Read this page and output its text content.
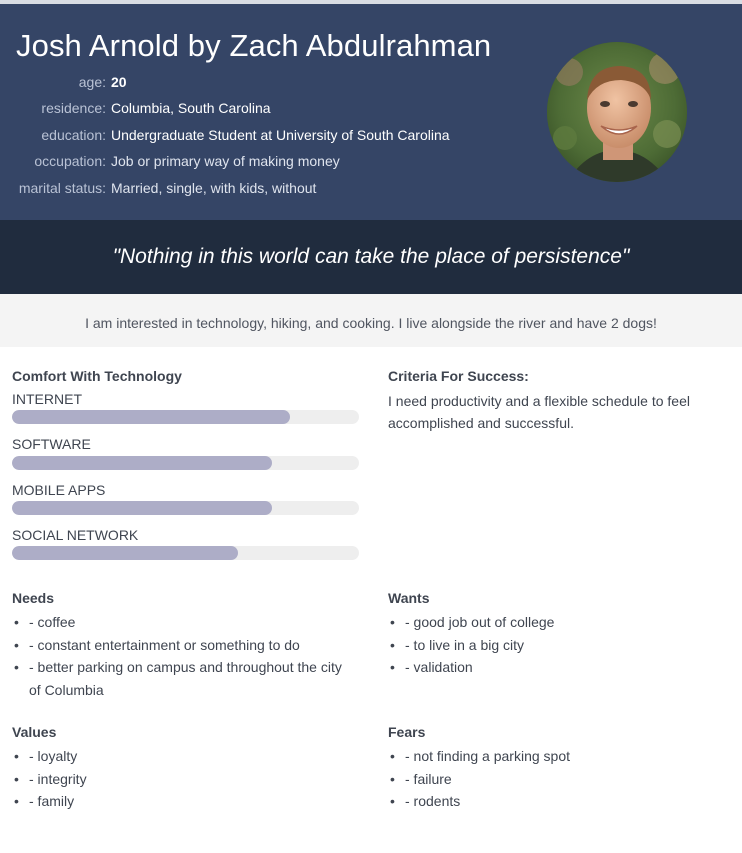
Josh Arnold by Zach Abdulrahman
age: 20
residence: Columbia, South Carolina
education: Undergraduate Student at University of South Carolina
occupation: Job or primary way of making money
marital status: Married, single, with kids, without
"Nothing in this world can take the place of persistence"
I am interested in technology, hiking, and cooking. I live alongside the river and have 2 dogs!
Comfort With Technology
INTERNET
SOFTWARE
MOBILE APPS
SOCIAL NETWORK
Criteria For Success:
I need productivity and a flexible schedule to feel accomplished and successful.
Needs
• - coffee
• - constant entertainment or something to do
• - better parking on campus and throughout the city of Columbia
Wants
• - good job out of college
• - to live in a big city
• - validation
Values
• - loyalty
• - integrity
• - family
Fears
• - not finding a parking spot
• - failure
• - rodents
